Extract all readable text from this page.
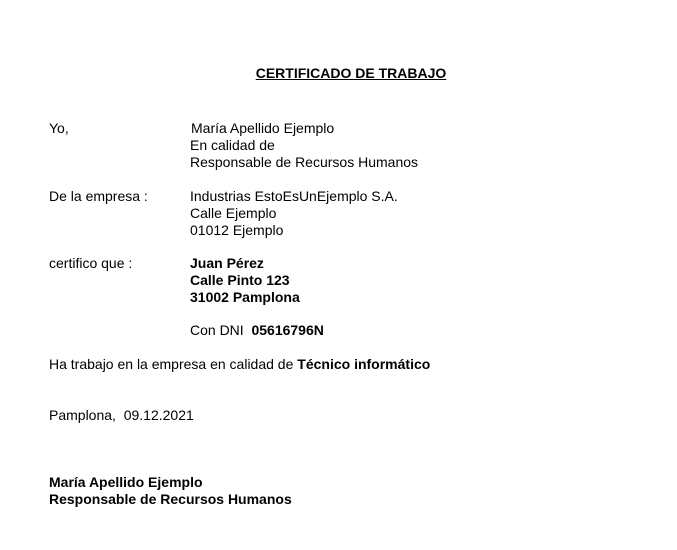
CERTIFICADO DE TRABAJO
Yo,	María Apellido Ejemplo
En calidad de
Responsable de Recursos Humanos
De la empresa :	Industrias EstoEsUnEjemplo S.A.
Calle Ejemplo
01012 Ejemplo
certifico que :	Juan Pérez
Calle Pinto 123
31002 Pamplona
Con DNI 05616796N
Ha trabajo en la empresa en calidad de Técnico informático
Pamplona,  09.12.2021
María Apellido Ejemplo
Responsable de Recursos Humanos
